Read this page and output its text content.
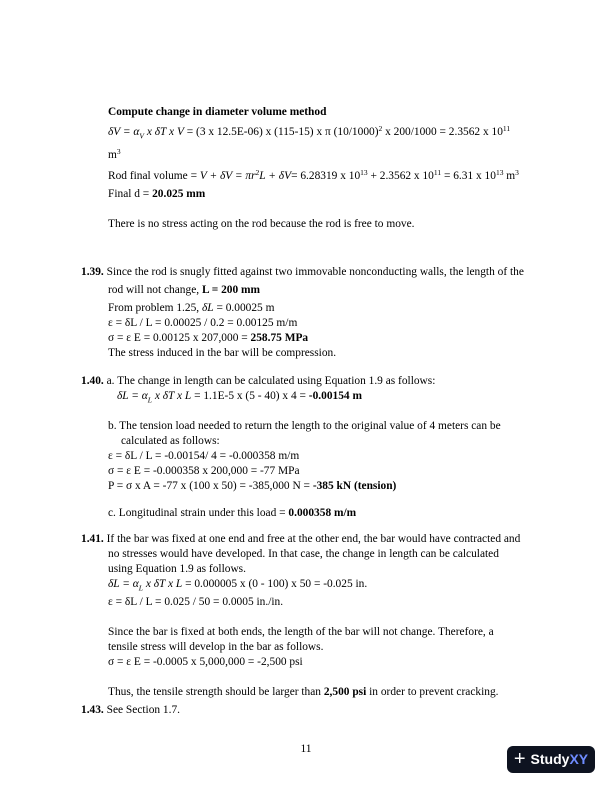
Compute change in diameter volume method
$\delta V = \alpha_V$ x δT x V = (3 x 12.5E-06) x (115-15) x π $(10/1000)^2$ x 200/1000 = 2.3562 x $10^{11}$
$m^3$
Rod final volume = $V + \delta V = \pi r^2L + \delta V= 6.28319$ x $10^{13} + 2.3562$ x $10^{11} = 6.31$ x $10^{13}$ $m^3$
Final d = 20.025 mm
There is no stress acting on the rod because the rod is free to move.
1.39. Since the rod is snugly fitted against two immovable nonconducting walls, the length of the
rod will not change, L = 200 mm
From problem 1.25, δL = 0.00025 m
ε = δL / L = 0.00025 / 0.2 = 0.00125 m/m
σ = ε E = 0.00125 x 207,000 = 258.75 MPa
The stress induced in the bar will be compression.
1.40. a. The change in length can be calculated using Equation 1.9 as follows:
$\delta L = \alpha_L$ x δT x L = 1.1E-5 x (5 - 40) x 4 = -0.00154 m
b. The tension load needed to return the length to the original value of 4 meters can be
calculated as follows:
ε = δL / L = -0.00154/ 4 = -0.000358 m/m
σ = ε E = -0.000358 x 200,000 = -77 MPa
P = σ x A = -77 x (100 x 50) = -385,000 N = -385 kN (tension)
c. Longitudinal strain under this load = 0.000358 m/m
1.41. If the bar was fixed at one end and free at the other end, the bar would have contracted and
no stresses would have developed. In that case, the change in length can be calculated
using Equation 1.9 as follows.
$\delta L = \alpha_L$ x δT x L = 0.000005 x (0 - 100) x 50 = -0.025 in.
ε = δL / L = 0.025 / 50 = 0.0005 in./in.
Since the bar is fixed at both ends, the length of the bar will not change. Therefore, a
tensile stress will develop in the bar as follows.
σ = ε E = -0.0005 x 5,000,000 = -2,500 psi
Thus, the tensile strength should be larger than 2,500 psi in order to prevent cracking.
1.43. See Section 1.7.
11	+ StudyXY
